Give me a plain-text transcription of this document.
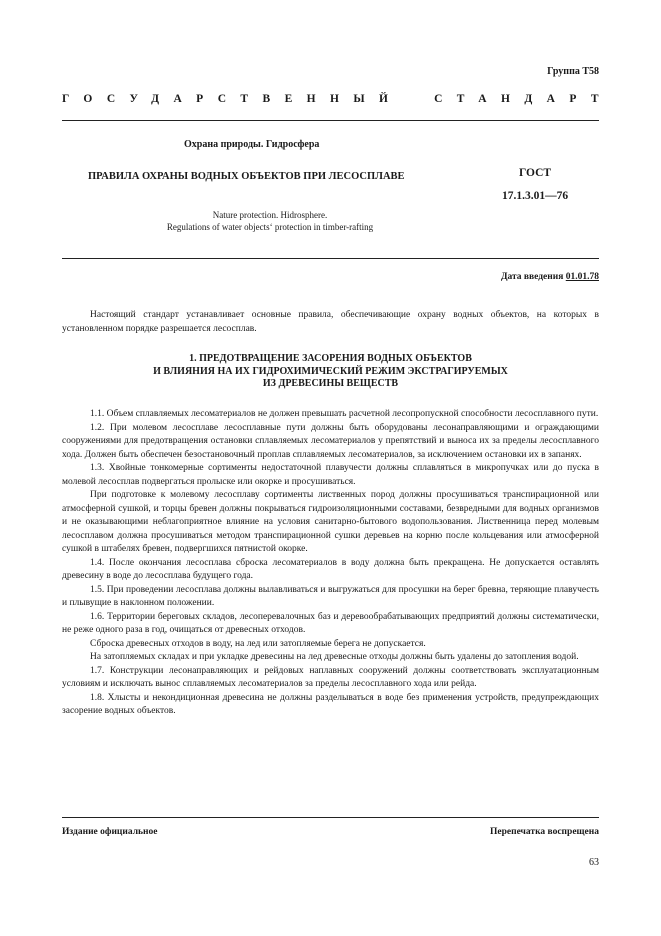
Группа Т58
ГОСУДАРСТВЕННЫЙ	СТАНДАРТ
Охрана природы. Гидросфера
ПРАВИЛА ОХРАНЫ ВОДНЫХ ОБЪЕКТОВ ПРИ ЛЕСОСПЛАВЕ	ГОСТ
17.1.3.01—76
Nature protection. Hidrosphere.
Regulations of water objects‘ protection in timber-rafting
Дата введения 01.01.78

Настоящий стандарт устанавливает основные правила, обеспечивающие охрану водных объектов, на которых в установленном порядке разрешается лесосплав.

1. ПРЕДОТВРАЩЕНИЕ ЗАСОРЕНИЯ ВОДНЫХ ОБЪЕКТОВ
И ВЛИЯНИЯ НА ИХ ГИДРОХИМИЧЕСКИЙ РЕЖИМ ЭКСТРАГИРУЕМЫХ
ИЗ ДРЕВЕСИНЫ ВЕЩЕСТВ

1.1. Объем сплавляемых лесоматериалов не должен превышать расчетной лесопропускной способности лесосплавного пути.

1.2. При молевом лесосплаве лесосплавные пути должны быть оборудованы лесонаправляющими и ограждающими сооружениями для предотвращения остановки сплавляемых лесоматериалов у препятствий и выноса их за пределы лесосплавного хода. Должен быть обеспечен безостановочный проплав сплавляемых лесоматериалов, за исключением остановки их в запанях.

1.3. Хвойные тонкомерные сортименты недостаточной плавучести должны сплавляться в микропучках или до пуска в молевой лесосплав подвергаться пролыске или окорке и просушиваться.

При подготовке к молевому лесосплаву сортименты лиственных пород должны просушиваться транспирационной или атмосферной сушкой, и торцы бревен должны покрываться гидроизоляционными составами, безвредными для водных организмов и не оказывающими неблагоприятное влияние на условия санитарно-бытового водопользования. Лиственница перед молевым лесосплавом должна просушиваться методом транспирационной сушки деревьев на корню после кольцевания или атмосферной сушкой в штабелях бревен, подвергшихся пятнистой окорке.

1.4. После окончания лесосплава сброска лесоматериалов в воду должна быть прекращена. Не допускается оставлять древесину в воде до лесосплава будущего года.

1.5. При проведении лесосплава должны вылавливаться и выгружаться для просушки на берег бревна, теряющие плавучесть и плывущие в наклонном положении.

1.6. Территории береговых складов, лесоперевалочных баз и деревообрабатывающих предприятий должны систематически, не реже одного раза в год, очищаться от древесных отходов.

Сброска древесных отходов в воду, на лед или затопляемые берега не допускается.

На затопляемых складах и при укладке древесины на лед древесные отходы должны быть удалены до затопления водой.

1.7. Конструкции лесонаправляющих и рейдовых наплавных сооружений должны соответствовать эксплуатационным условиям и исключать вынос сплавляемых лесоматериалов за пределы лесосплавного хода или рейда.

1.8. Хлысты и некондиционная древесина не должны разделываться в воде без применения устройств, предупреждающих засорение водных объектов.

Издание официальное	Перепечатка воспрещена
63
